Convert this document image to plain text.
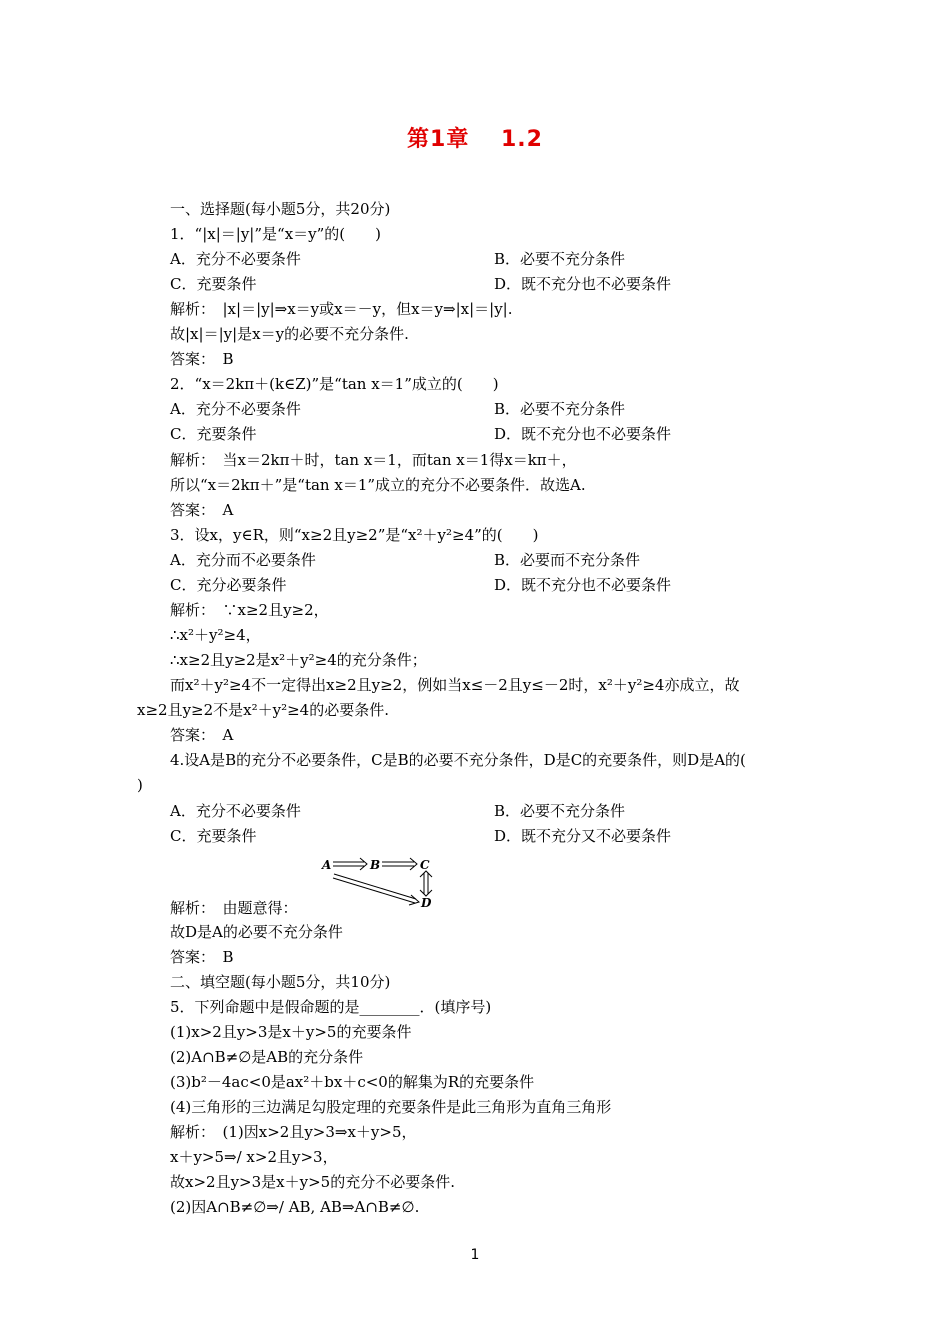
第1章　 1.2
一、选择题(每小题5分，共20分)
1．“|x|＝|y|”是“x＝y”的(　　)
A．充分不必要条件	B．必要不充分条件
C．充要条件	D．既不充分也不必要条件
解析：　|x|＝|y|⇒x＝y或x＝－y，但x＝y⇒|x|＝|y|.
故|x|＝|y|是x＝y的必要不充分条件.
答案：　B
2．“x＝2kπ＋(k∈Z)”是“tan x＝1”成立的(　　)
A．充分不必要条件	B．必要不充分条件
C．充要条件	D．既不充分也不必要条件
解析：　当x＝2kπ＋时，tan x＝1，而tan x＝1得x＝kπ＋，
所以“x＝2kπ＋”是“tan x＝1”成立的充分不必要条件．故选A.
答案：　A
3．设x，y∈R，则“x≥2且y≥2”是“x²＋y²≥4”的(　　)
A．充分而不必要条件	B．必要而不充分条件
C．充分必要条件	D．既不充分也不必要条件
解析：　∵x≥2且y≥2，
∴x²＋y²≥4，
∴x≥2且y≥2是x²＋y²≥4的充分条件；
而x²＋y²≥4不一定得出x≥2且y≥2，例如当x≤－2且y≤－2时，x²＋y²≥4亦成立，故
x≥2且y≥2不是x²＋y²≥4的必要条件.
答案：　A
4.设A是B的充分不必要条件，C是B的必要不充分条件，D是C的充要条件，则D是A的(
)
A．充分不必要条件	B．必要不充分条件
C．充要条件	D．既不充分又不必要条件
A	B	C
D
解析：　由题意得：
故D是A的必要不充分条件
答案：　B
二、填空题(每小题5分，共10分)
5．下列命题中是假命题的是________．(填序号)
(1)x>2且y>3是x＋y>5的充要条件
(2)A∩B≠∅是AB的充分条件
(3)b²－4ac<0是ax²＋bx＋c<0的解集为R的充要条件
(4)三角形的三边满足勾股定理的充要条件是此三角形为直角三角形
解析：　(1)因x>2且y>3⇒x＋y>5，
x＋y>5⇒/ x>2且y>3，
故x>2且y>3是x＋y>5的充分不必要条件.
(2)因A∩B≠∅⇒/ AB, AB⇒A∩B≠∅.
1
